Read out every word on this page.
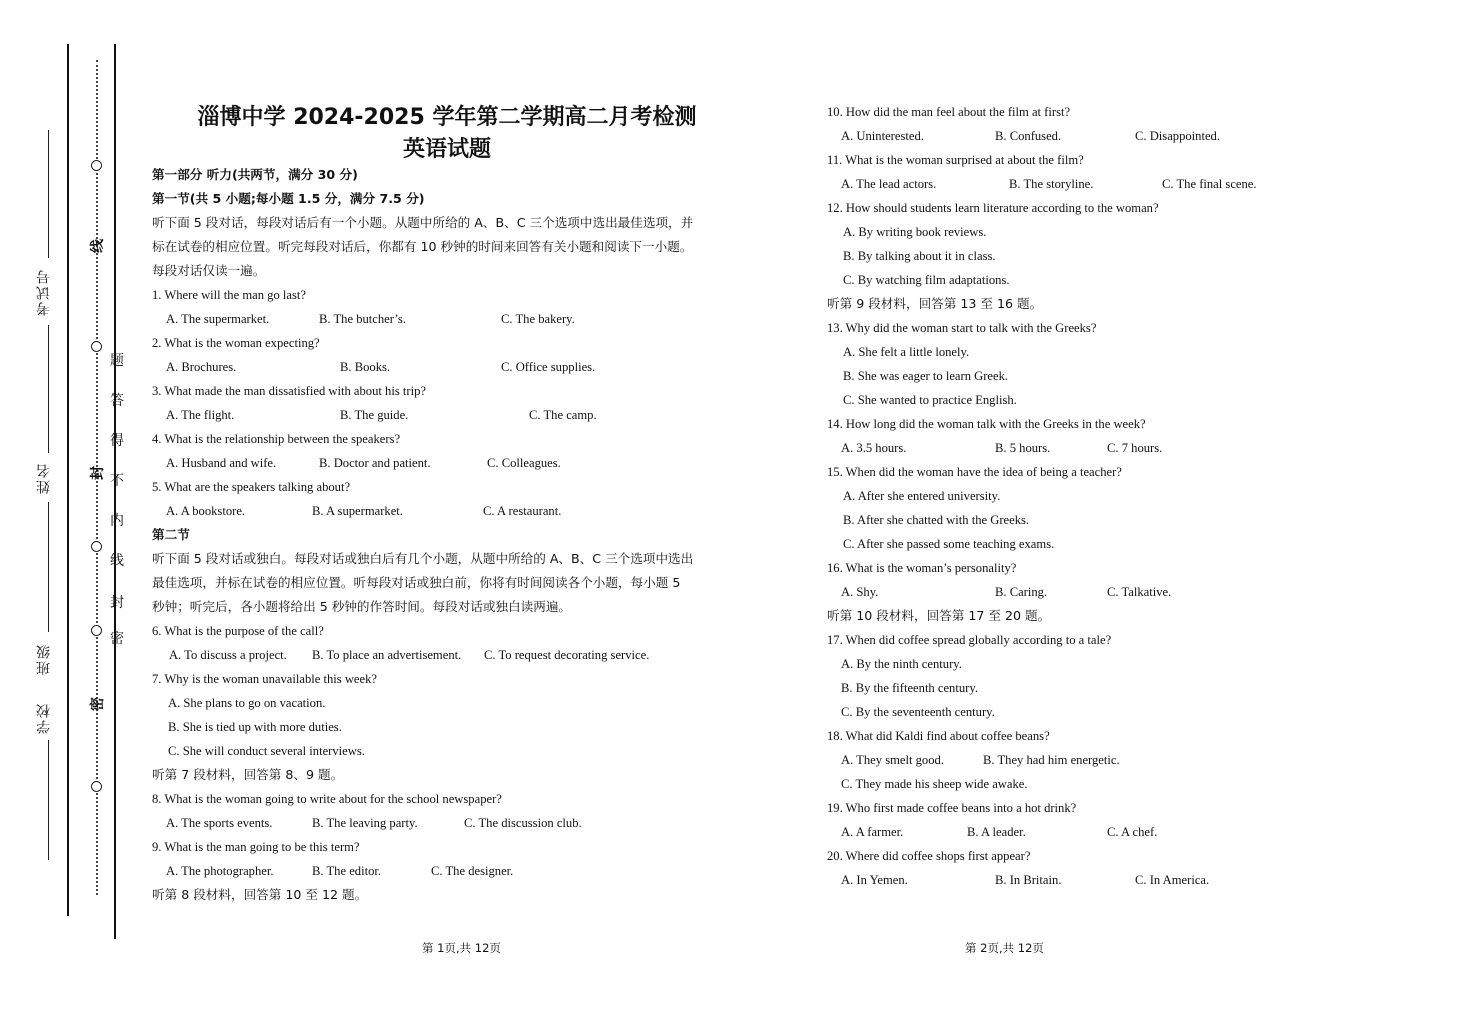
线
封
密
题
答
得
不
内
线
封
密
考试号
姓名
班级
学校
淄博中学 2024-2025 学年第二学期高二月考检测
英语试题
第一部分 听力(共两节，满分 30 分)
第一节(共 5 小题;每小题 1.5 分，满分 7.5 分)
听下面 5 段对话，每段对话后有一个小题。从题中所给的 A、B、C 三个选项中选出最佳选项，并
标在试卷的相应位置。听完每段对话后，你都有 10 秒钟的时间来回答有关小题和阅读下一小题。
每段对话仅读一遍。
1. Where will the man go last?
A. The supermarket.	B. The butcher’s.	C. The bakery.
2. What is the woman expecting?
A. Brochures.	B. Books.	C. Office supplies.
3. What made the man dissatisfied with about his trip?
A. The flight.	B. The guide.	C. The camp.
4. What is the relationship between the speakers?
A. Husband and wife.	B. Doctor and patient.	C. Colleagues.
5. What are the speakers talking about?
A. A bookstore.	B. A supermarket.	C. A restaurant.
第二节
听下面 5 段对话或独白。每段对话或独白后有几个小题，从题中所给的 A、B、C 三个选项中选出
最佳选项，并标在试卷的相应位置。听每段对话或独白前，你将有时间阅读各个小题，每小题 5
秒钟；听完后，各小题将给出 5 秒钟的作答时间。每段对话或独白读两遍。
6. What is the purpose of the call?
A. To discuss a project. B. To place an advertisement. C. To request decorating service.
7. Why is the woman unavailable this week?
A. She plans to go on vacation.
B. She is tied up with more duties.
C. She will conduct several interviews.
听第 7 段材料，回答第 8、9 题。
8. What is the woman going to write about for the school newspaper?
A. The sports events.	B. The leaving party.	C. The discussion club.
9. What is the man going to be this term?
A. The photographer.	B. The editor.	C. The designer.
听第 8 段材料，回答第 10 至 12 题。
第 1页,共 12页
10. How did the man feel about the film at first?
A. Uninterested.	B. Confused.	C. Disappointed.
11. What is the woman surprised at about the film?
A. The lead actors.	B. The storyline.	C. The final scene.
12. How should students learn literature according to the woman?
A. By writing book reviews.
B. By talking about it in class.
C. By watching film adaptations.
听第 9 段材料，回答第 13 至 16 题。
13. Why did the woman start to talk with the Greeks?
A. She felt a little lonely.
B. She was eager to learn Greek.
C. She wanted to practice English.
14. How long did the woman talk with the Greeks in the week?
A. 3.5 hours.	B. 5 hours.	C. 7 hours.
15. When did the woman have the idea of being a teacher?
A. After she entered university.
B. After she chatted with the Greeks.
C. After she passed some teaching exams.
16. What is the woman’s personality?
A. Shy.	B. Caring.	C. Talkative.
听第 10 段材料，回答第 17 至 20 题。
17. When did coffee spread globally according to a tale?
A. By the ninth century.
B. By the fifteenth century.
C. By the seventeenth century.
18. What did Kaldi find about coffee beans?
A. They smelt good.	B. They had him energetic.
C. They made his sheep wide awake.
19. Who first made coffee beans into a hot drink?
A. A farmer.	B. A leader.	C. A chef.
20. Where did coffee shops first appear?
A. In Yemen.	B. In Britain.	C. In America.
第 2页,共 12页
